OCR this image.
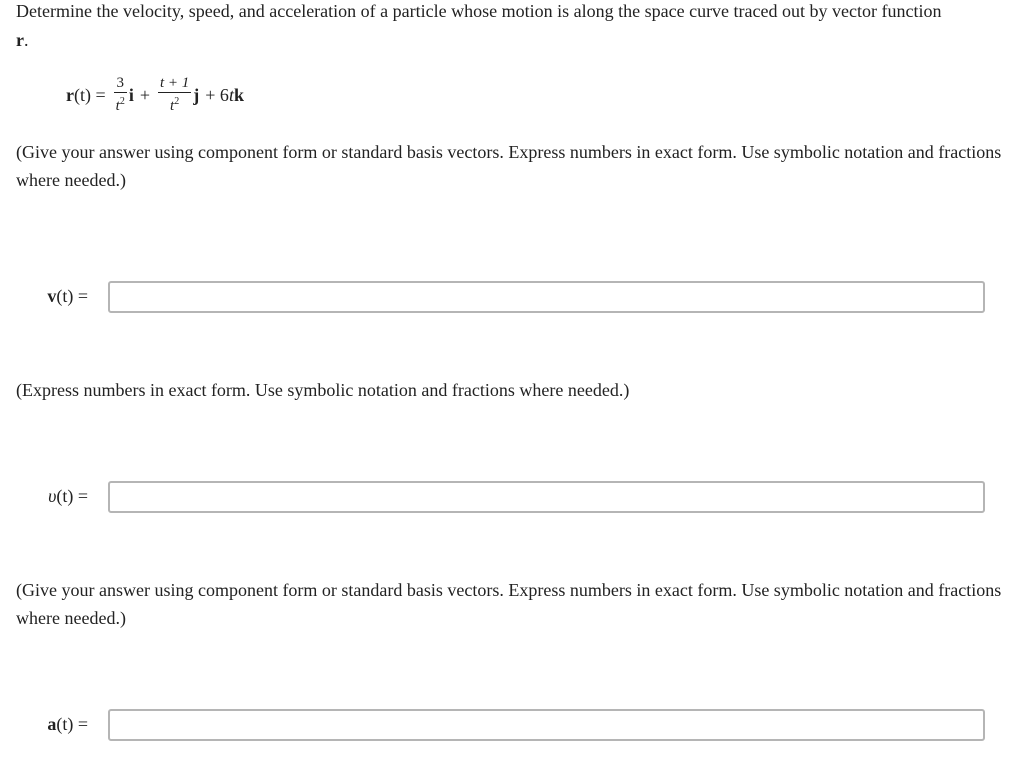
Determine the velocity, speed, and acceleration of a particle whose motion is along the space curve traced out by vector function
r.
r $(t) = \frac{3}{t^2}$ $i + \frac{t + 1}{t^2}$ j + 6 t k
(Give your answer using component form or standard basis vectors. Express numbers in exact form. Use symbolic notation and fractions where needed.)
v(t) =
(Express numbers in exact form. Use symbolic notation and fractions where needed.)
υ(t) =
(Give your answer using component form or standard basis vectors. Express numbers in exact form. Use symbolic notation and fractions where needed.)
a(t) =
